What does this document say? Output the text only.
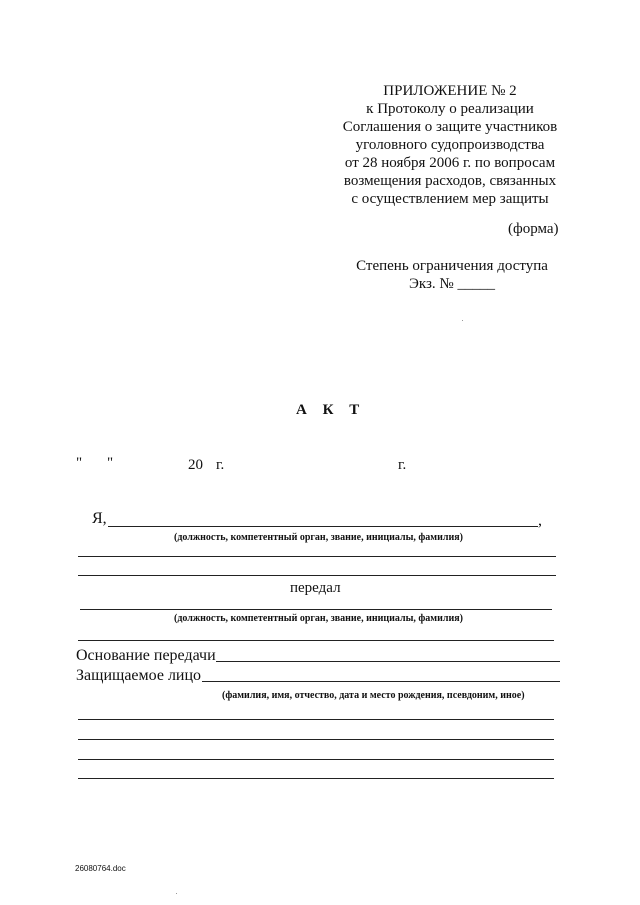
ПРИЛОЖЕНИЕ № 2
к Протоколу о реализации
Соглашения о защите участников
уголовного судопроизводства
от 28 ноября 2006 г. по вопросам
возмещения расходов, связанных
с осуществлением мер защиты
(форма)
Степень ограничения доступа
Экз. № _____
А К Т
" "	20 г.	г.
Я,	,
(должность, компетентный орган, звание, инициалы, фамилия)
передал
(должность, компетентный орган, звание, инициалы, фамилия)
Основание передачи
Защищаемое лицо
(фамилия, имя, отчество, дата и место рождения, псевдоним, иное)
26080764.doc
